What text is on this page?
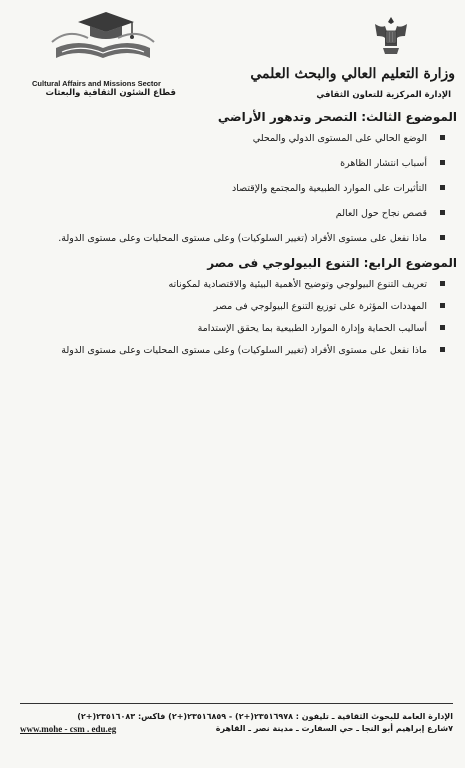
Cultural Affairs and Missions Sector
قطاع الشئون الثقافية والبعثات
وزارة التعليم العالي والبحث العلمي
الإدارة المركزية للتعاون الثقافي
الموضوع الثالث: التصحر وتدهور الأراضي
الوضع الحالي على المستوى الدولي والمحلي
أسباب انتشار الظاهرة
التأثيرات على الموارد الطبيعية والمجتمع والإقتصاد
قصص نجاح حول العالم
ماذا نفعل على مستوى الأفراد (تغيير السلوكيات) وعلى مستوى المحليات وعلى مستوى الدولة.
الموضوع الرابع: التنوع البيولوجي فى مصر
تعريف التنوع البيولوجي وتوضيح الأهمية البيئية والاقتصادية لمكوناته
المهددات المؤثرة على توزيع التنوع البيولوجي فى مصر
أساليب الحماية وإدارة الموارد الطبيعية بما يحقق الإستدامة
ماذا نفعل على مستوى الأفراد (تغيير السلوكيات) وعلى مستوى المحليات وعلى مستوى الدولة
الإدارة العامة للبحوث الثقافية ـ تليفون : ٢٣٥١٦٩٧٨(+٢) - ٢٣٥١٦٨٥٩(+٢) فاكس: ٢٣٥١٦٠٨٣(+٢)
٧شارع إبراهيم أبو النجا ـ حي السفارت ـ مدينة نصر ـ القاهرة
www.mohe - csm . edu.eg
